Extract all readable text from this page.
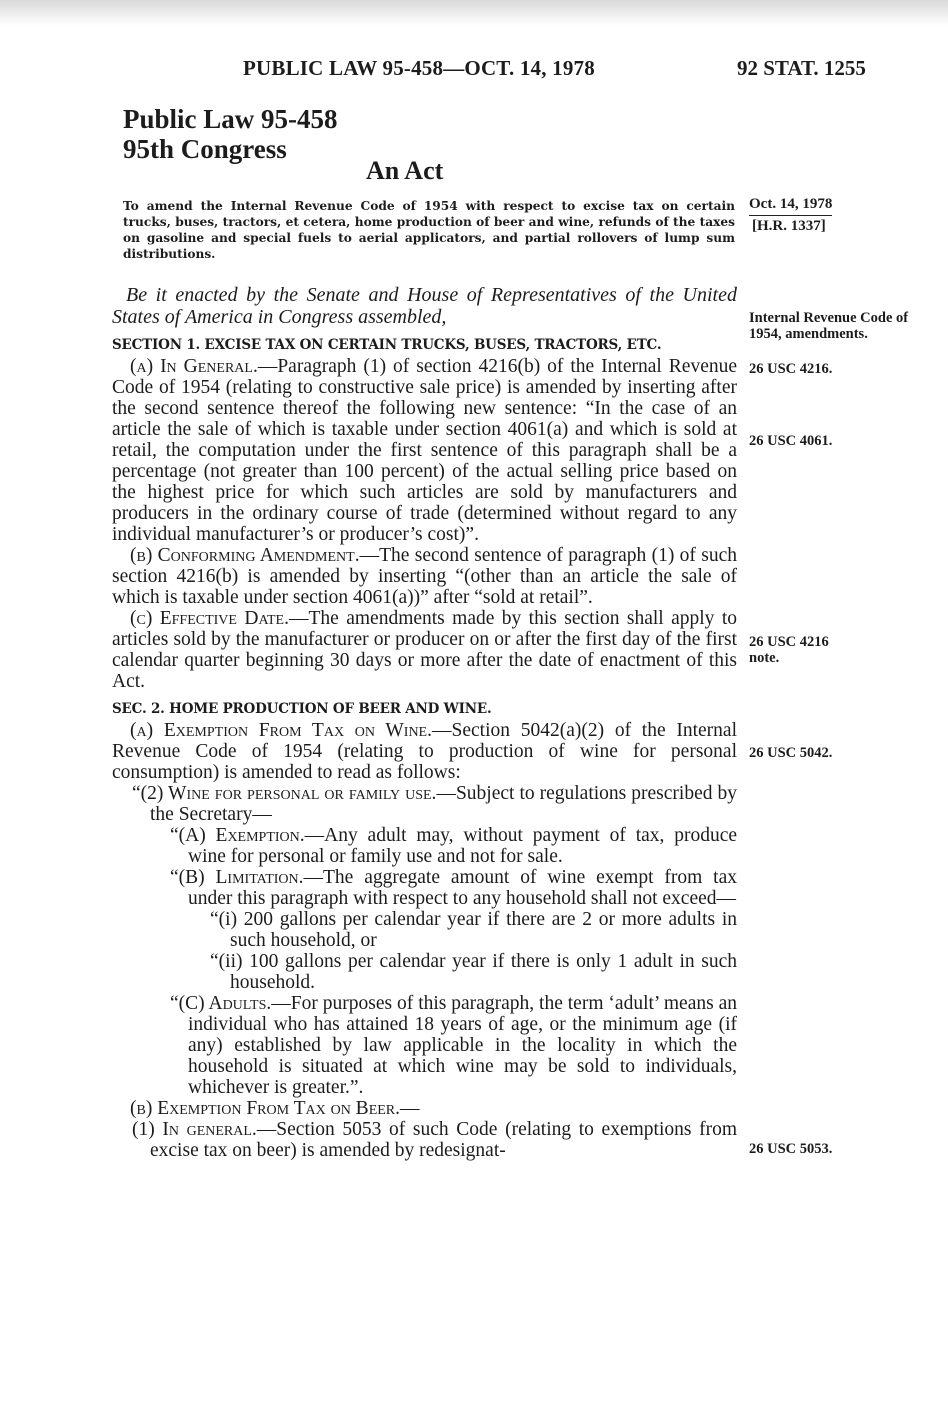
PUBLIC LAW 95-458—OCT. 14, 1978	92 STAT. 1255
Public Law 95-458
95th Congress
An Act
To amend the Internal Revenue Code of 1954 with respect to excise tax on certain trucks, buses, tractors, et cetera, home production of beer and wine, refunds of the taxes on gasoline and special fuels to aerial applicators, and partial rollovers of lump sum distributions.
Oct. 14, 1978
[H.R. 1337]
Internal Revenue Code of 1954, amendments.
26 USC 4216.
26 USC 4061.
26 USC 4216 note.
26 USC 5042.
26 USC 5053.

Be it enacted by the Senate and House of Representatives of the United States of America in Congress assembled,

SECTION 1. EXCISE TAX ON CERTAIN TRUCKS, BUSES, TRACTORS, ETC.

(a) In General.—Paragraph (1) of section 4216(b) of the Internal Revenue Code of 1954 (relating to constructive sale price) is amended by inserting after the second sentence thereof the following new sentence: “In the case of an article the sale of which is taxable under section 4061(a) and which is sold at retail, the computation under the first sentence of this paragraph shall be a percentage (not greater than 100 percent) of the actual selling price based on the highest price for which such articles are sold by manufacturers and producers in the ordinary course of trade (determined without regard to any individual manufacturer’s or producer’s cost)”.

(b) Conforming Amendment.—The second sentence of paragraph (1) of such section 4216(b) is amended by inserting “(other than an article the sale of which is taxable under section 4061(a))” after “sold at retail”.

(c) Effective Date.—The amendments made by this section shall apply to articles sold by the manufacturer or producer on or after the first day of the first calendar quarter beginning 30 days or more after the date of enactment of this Act.

SEC. 2. HOME PRODUCTION OF BEER AND WINE.

(a) Exemption From Tax on Wine.—Section 5042(a)(2) of the Internal Revenue Code of 1954 (relating to production of wine for personal consumption) is amended to read as follows:

“(2) Wine for personal or family use.—Subject to regulations prescribed by the Secretary—

“(A) Exemption.—Any adult may, without payment of tax, produce wine for personal or family use and not for sale.

“(B) Limitation.—The aggregate amount of wine exempt from tax under this paragraph with respect to any household shall not exceed—

“(i) 200 gallons per calendar year if there are 2 or more adults in such household, or

“(ii) 100 gallons per calendar year if there is only 1 adult in such household.

“(C) Adults.—For purposes of this paragraph, the term ‘adult’ means an individual who has attained 18 years of age, or the minimum age (if any) established by law applicable in the locality in which the household is situated at which wine may be sold to individuals, whichever is greater.”.

(b) Exemption From Tax on Beer.—

(1) In general.—Section 5053 of such Code (relating to exemptions from excise tax on beer) is amended by redesignat-
